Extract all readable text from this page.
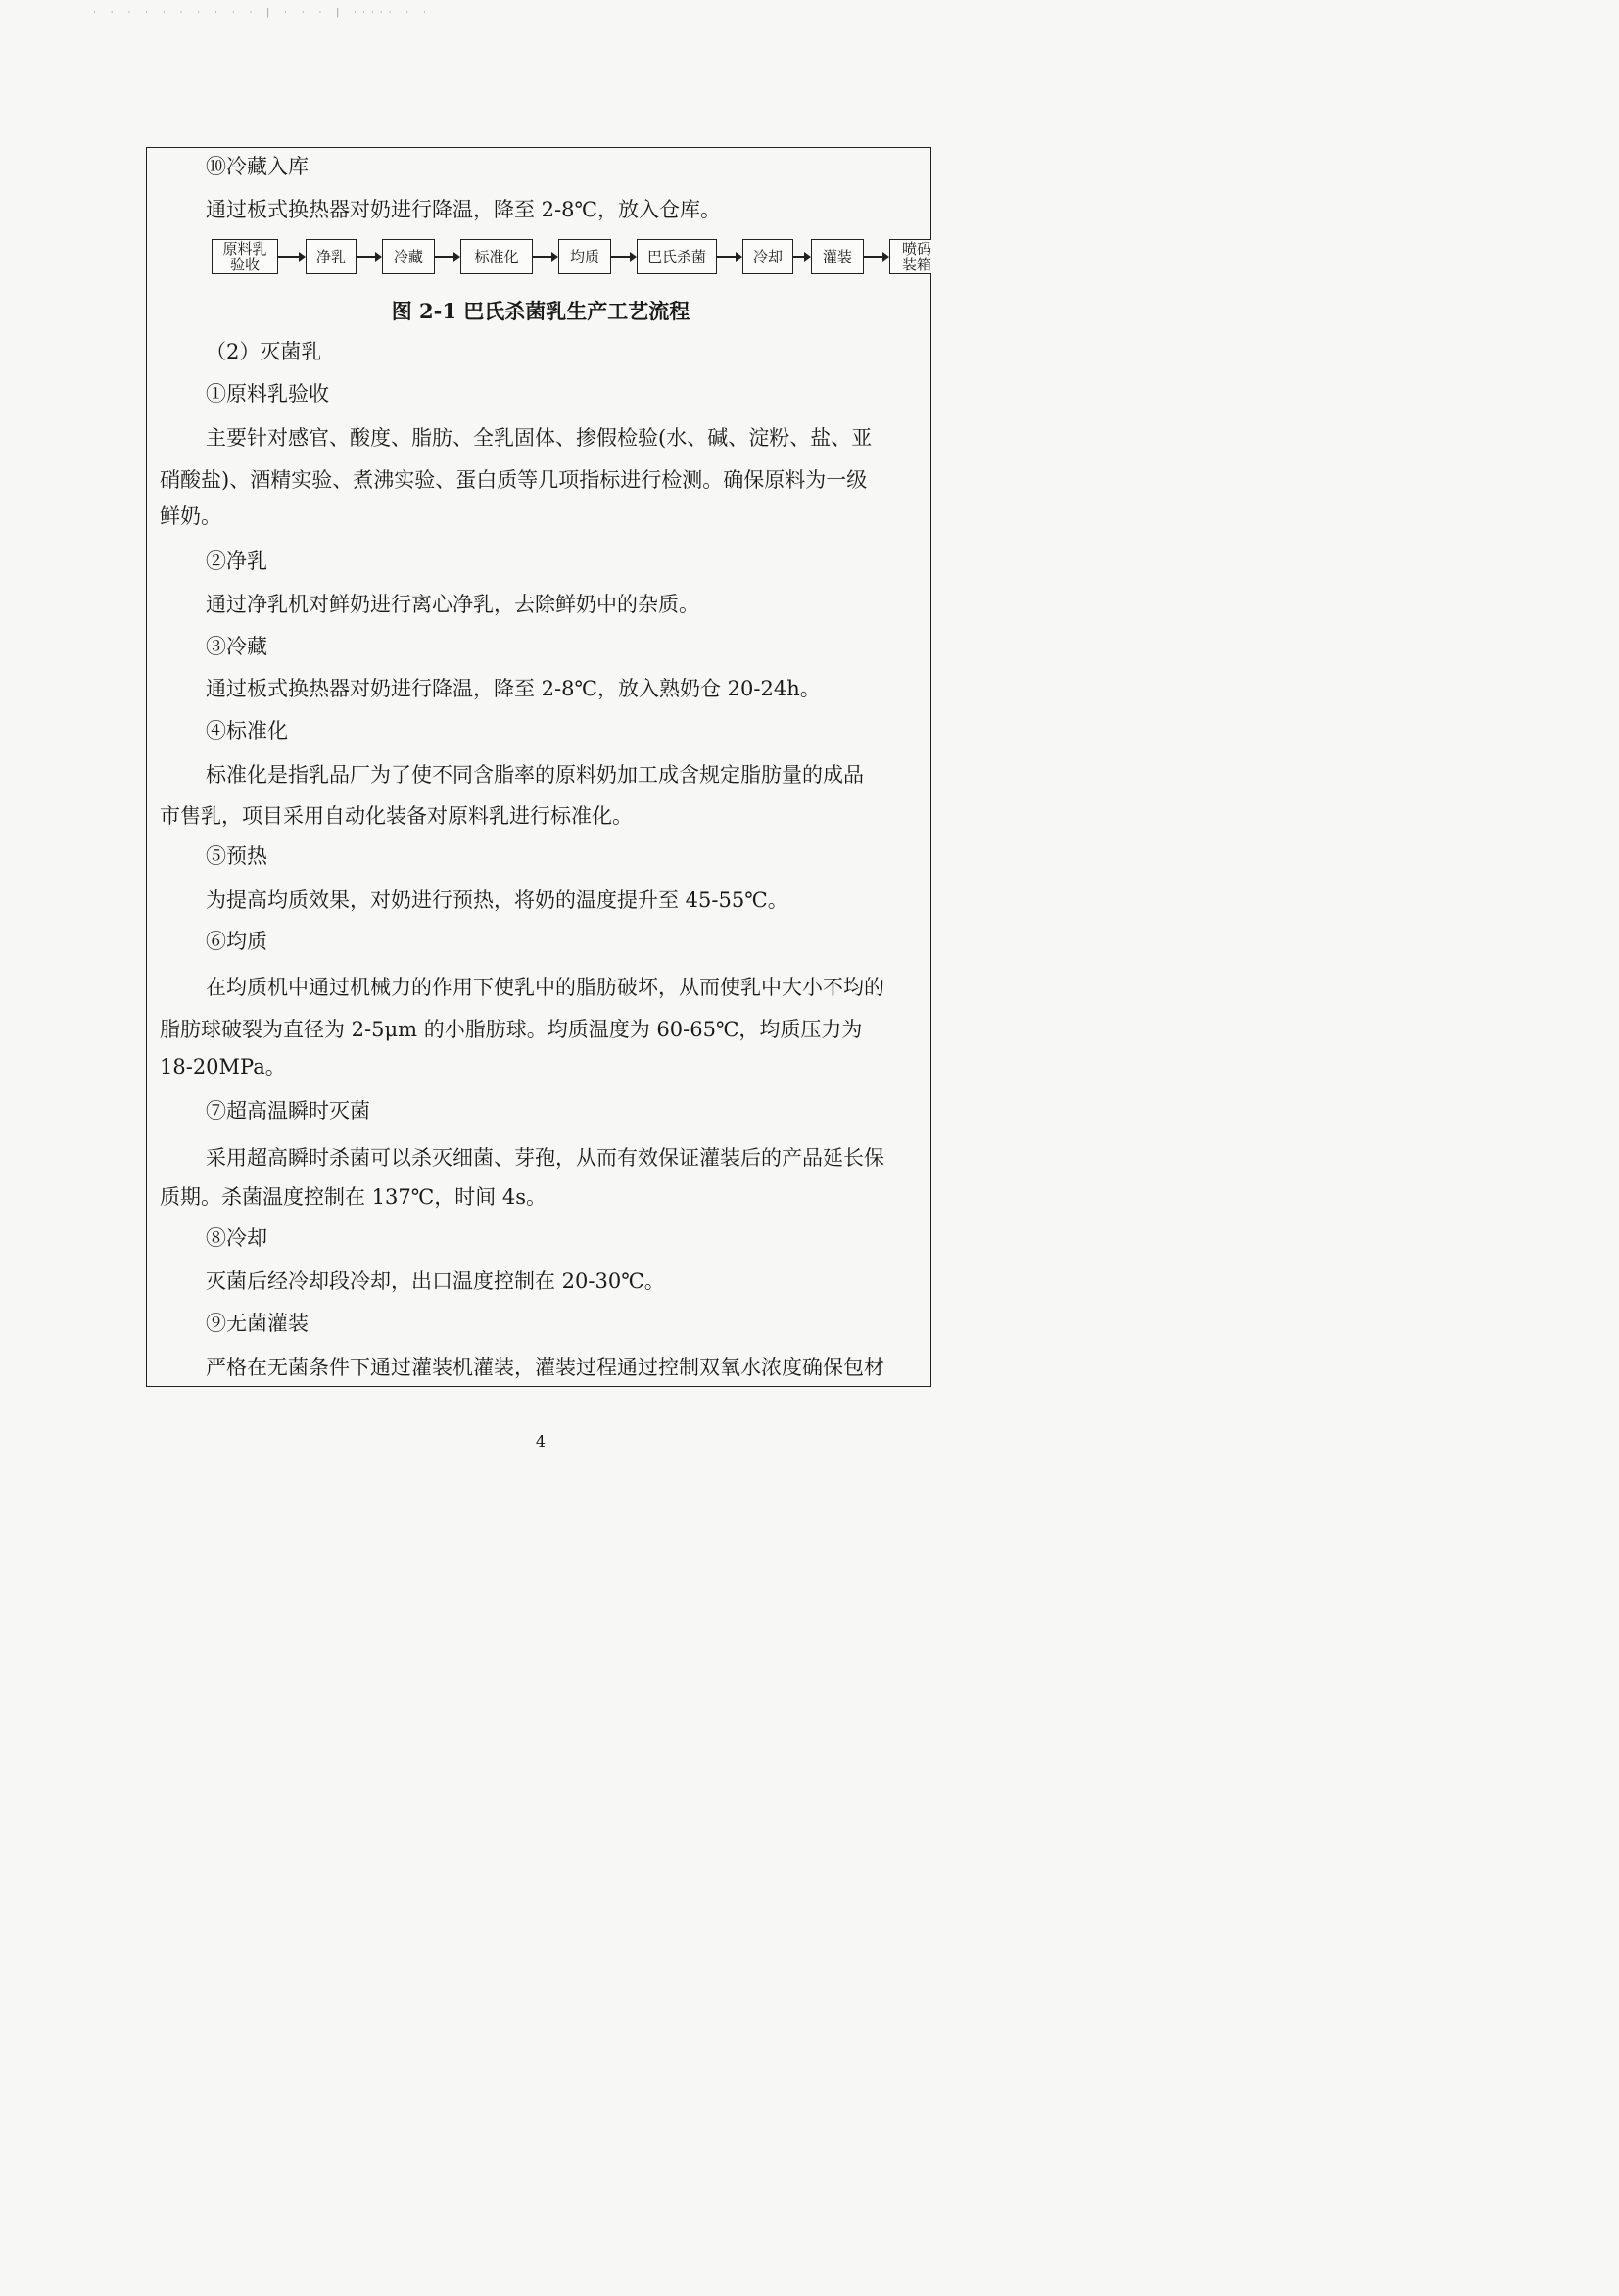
· · · · · · · · · · | · · · | ····· · ·
⑩冷藏入库
通过板式换热器对奶进行降温，降至 2-8℃，放入仓库。
原料乳
验收	净乳	冷藏	标准化	均质	巴氏杀菌	冷却	灌装	喷码
装箱
图 2-1 巴氏杀菌乳生产工艺流程
（2）灭菌乳
①原料乳验收
主要针对感官、酸度、脂肪、全乳固体、掺假检验(水、碱、淀粉、盐、亚
硝酸盐)、酒精实验、煮沸实验、蛋白质等几项指标进行检测。确保原料为一级
鲜奶。
②净乳
通过净乳机对鲜奶进行离心净乳，去除鲜奶中的杂质。
③冷藏
通过板式换热器对奶进行降温，降至 2-8℃，放入熟奶仓 20-24h。
④标准化
标准化是指乳品厂为了使不同含脂率的原料奶加工成含规定脂肪量的成品
市售乳，项目采用自动化装备对原料乳进行标准化。
⑤预热
为提高均质效果，对奶进行预热，将奶的温度提升至 45-55℃。
⑥均质
在均质机中通过机械力的作用下使乳中的脂肪破坏，从而使乳中大小不均的
脂肪球破裂为直径为 2-5μm 的小脂肪球。均质温度为 60-65℃，均质压力为
18-20MPa。
⑦超高温瞬时灭菌
采用超高瞬时杀菌可以杀灭细菌、芽孢，从而有效保证灌装后的产品延长保
质期。杀菌温度控制在 137℃，时间 4s。
⑧冷却
灭菌后经冷却段冷却，出口温度控制在 20-30℃。
⑨无菌灌装
严格在无菌条件下通过灌装机灌装，灌装过程通过控制双氧水浓度确保包材
4
